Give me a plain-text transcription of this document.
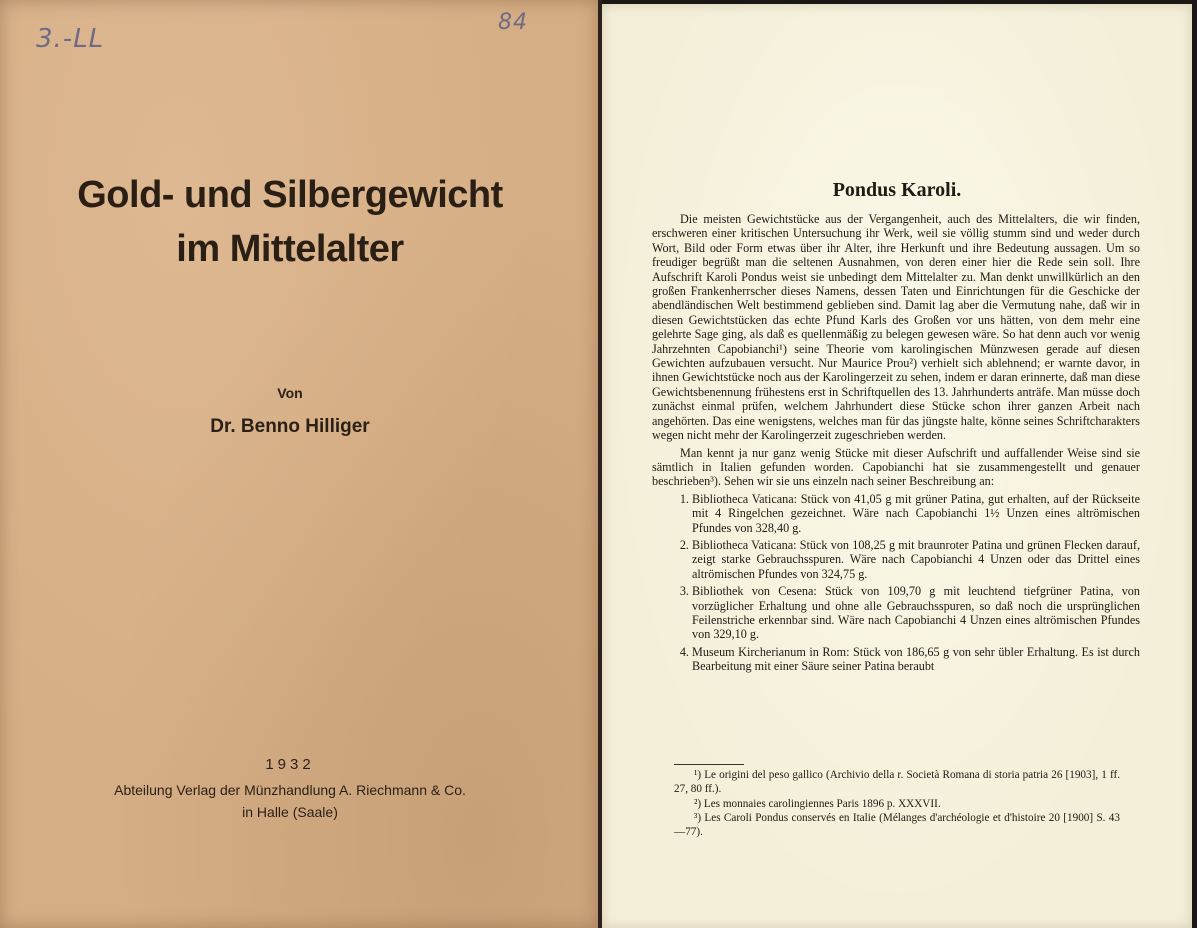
3.-LL
84
Gold- und Silbergewicht
im Mittelalter
Von
Dr. Benno Hilliger
1932
Abteilung Verlag der Münzhandlung A. Riechmann & Co.
in Halle (Saale)
Pondus Karoli.

Die meisten Gewichtstücke aus der Vergangenheit, auch des Mittelalters, die wir finden, erschweren einer kritischen Untersuchung ihr Werk, weil sie völlig stumm sind und weder durch Wort, Bild oder Form etwas über ihr Alter, ihre Herkunft und ihre Bedeutung aussagen. Um so freudiger begrüßt man die seltenen Ausnahmen, von deren einer hier die Rede sein soll. Ihre Aufschrift Karoli Pondus weist sie unbedingt dem Mittelalter zu. Man denkt unwillkürlich an den großen Frankenherrscher dieses Namens, dessen Taten und Einrichtungen für die Geschicke der abendländischen Welt bestimmend geblieben sind. Damit lag aber die Vermutung nahe, daß wir in diesen Gewichtstücken das echte Pfund Karls des Großen vor uns hätten, von dem mehr eine gelehrte Sage ging, als daß es quellenmäßig zu belegen gewesen wäre. So hat denn auch vor wenig Jahrzehnten Capobianchi¹) seine Theorie vom karolingischen Münzwesen gerade auf diesen Gewichten aufzubauen versucht. Nur Maurice Prou²) verhielt sich ablehnend; er warnte davor, in ihnen Gewichtstücke noch aus der Karolingerzeit zu sehen, indem er daran erinnerte, daß man diese Gewichtsbenennung frühestens erst in Schriftquellen des 13. Jahrhunderts anträfe. Man müsse doch zunächst einmal prüfen, welchem Jahrhundert diese Stücke schon ihrer ganzen Arbeit nach angehörten. Das eine wenigstens, welches man für das jüngste halte, könne seines Schriftcharakters wegen nicht mehr der Karolingerzeit zugeschrieben werden.

Man kennt ja nur ganz wenig Stücke mit dieser Aufschrift und auffallender Weise sind sie sämtlich in Italien gefunden worden. Capobianchi hat sie zusammengestellt und genauer beschrieben³). Sehen wir sie uns einzeln nach seiner Beschreibung an:

1. Bibliotheca Vaticana: Stück von 41,05 g mit grüner Patina, gut erhalten, auf der Rückseite mit 4 Ringelchen gezeichnet. Wäre nach Capobianchi 1½ Unzen eines altrömischen Pfundes von 328,40 g.
2. Bibliotheca Vaticana: Stück von 108,25 g mit braunroter Patina und grünen Flecken darauf, zeigt starke Gebrauchsspuren. Wäre nach Capobianchi 4 Unzen oder das Drittel eines altrömischen Pfundes von 324,75 g.
3. Bibliothek von Cesena: Stück von 109,70 g mit leuchtend tiefgrüner Patina, von vorzüglicher Erhaltung und ohne alle Gebrauchsspuren, so daß noch die ursprünglichen Feilenstriche erkennbar sind. Wäre nach Capobianchi 4 Unzen eines altrömischen Pfundes von 329,10 g.
4. Museum Kircherianum in Rom: Stück von 186,65 g von sehr übler Erhaltung. Es ist durch Bearbeitung mit einer Säure seiner Patina beraubt
¹) Le origini del peso gallico (Archivio della r. Società Romana di storia patria 26 [1903], 1 ff. 27, 80 ff.).
²) Les monnaies carolingiennes Paris 1896 p. XXXVII.
³) Les Caroli Pondus conservés en Italie (Mélanges d'archéologie et d'histoire 20 [1900] S. 43—77).
